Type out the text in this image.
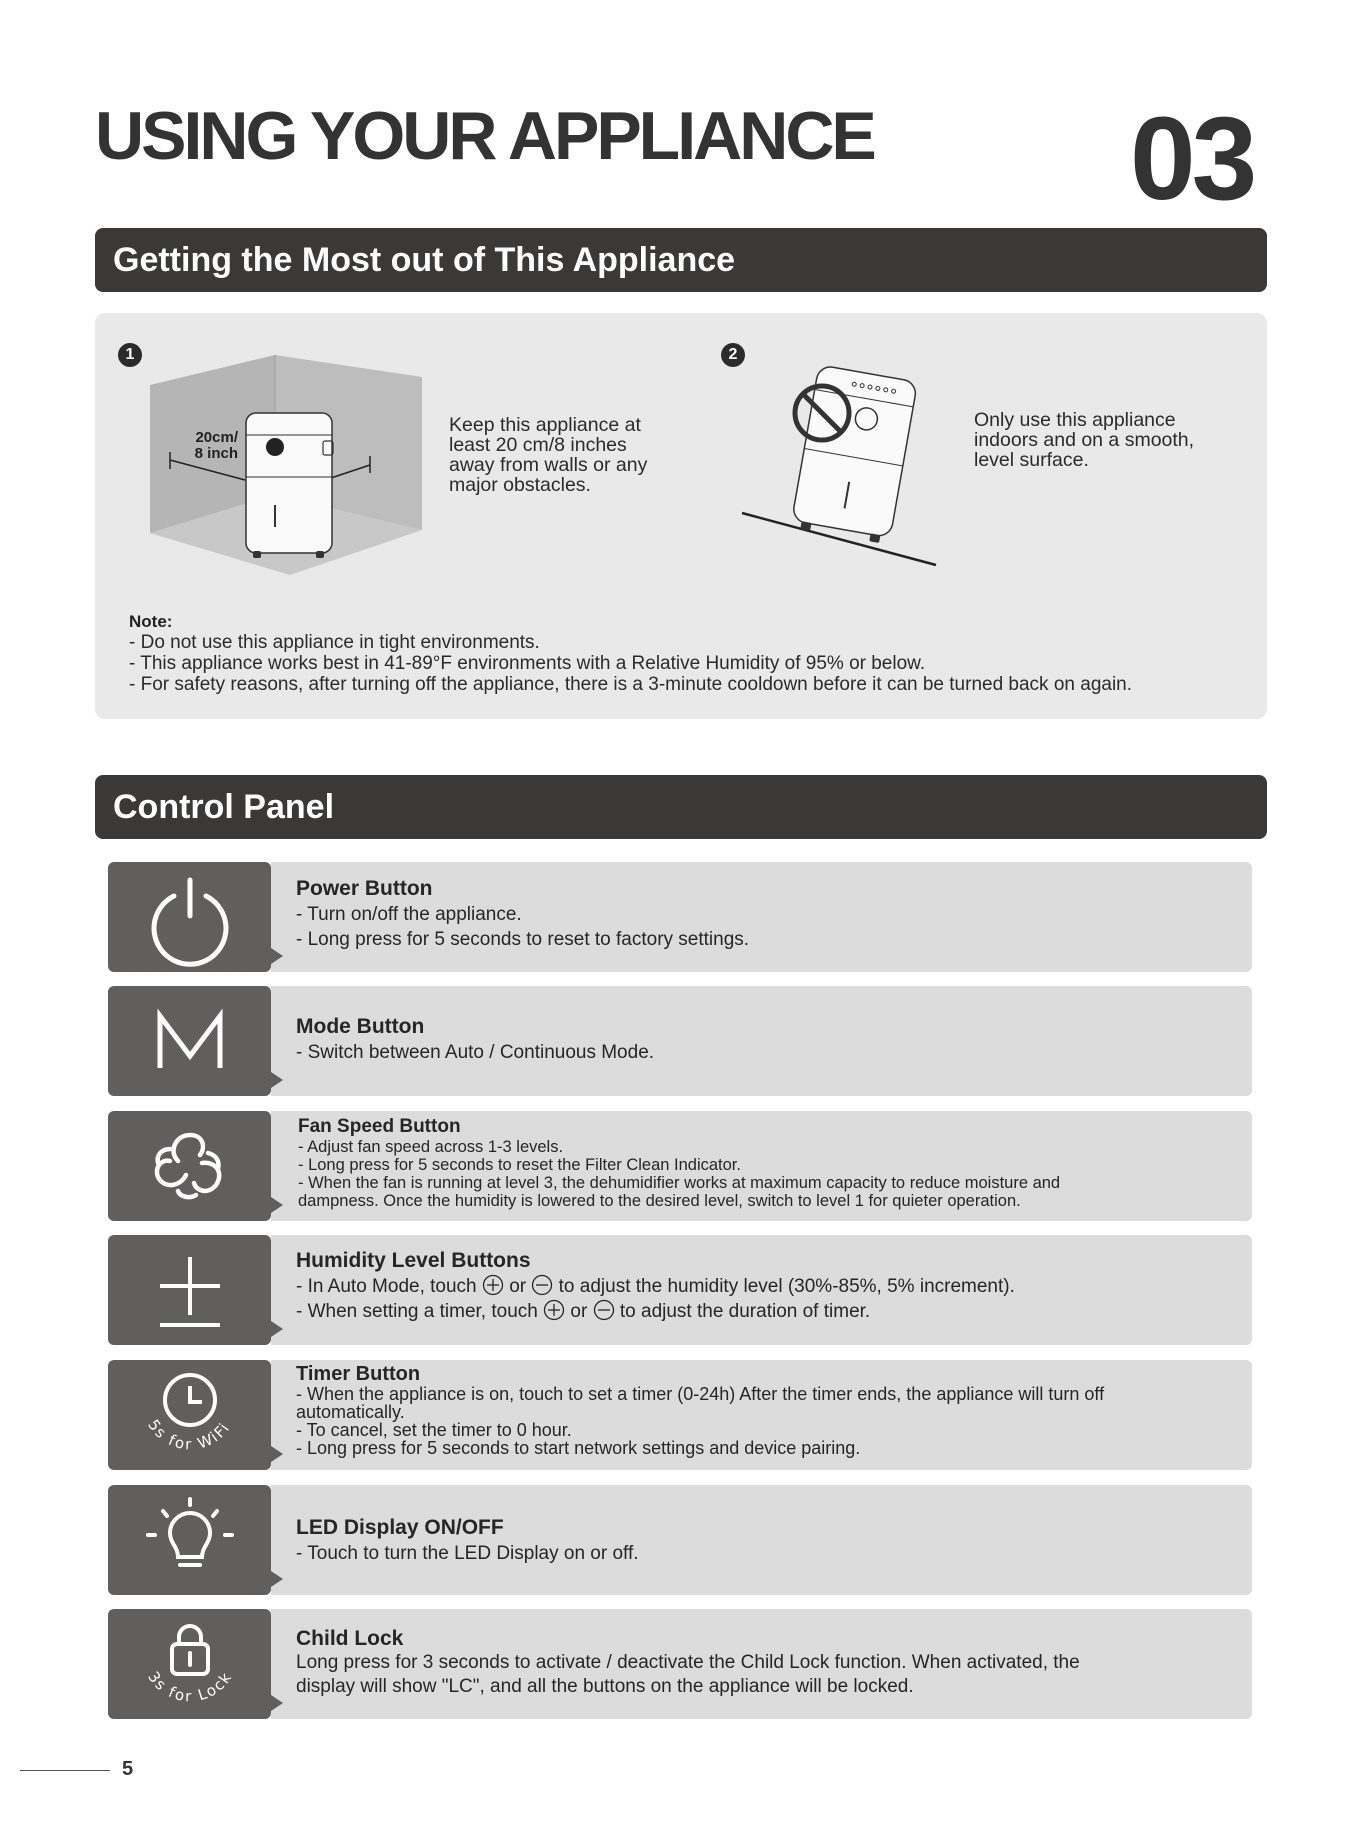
USING YOUR APPLIANCE 03
Getting the Most out of This Appliance
1
20cm/
8 inch
Keep this appliance at
least 20 cm/8 inches
away from walls or any
major obstacles.
2
Only use this appliance
indoors and on a smooth,
level surface.
Note:
- Do not use this appliance in tight environments.
- This appliance works best in 41-89°F environments with a Relative Humidity of 95% or below.
- For safety reasons, after turning off the appliance, there is a 3-minute cooldown before it can be turned back on again.
Control Panel
Power Button
- Turn on/off the appliance.
- Long press for 5 seconds to reset to factory settings.
Mode Button
- Switch between Auto / Continuous Mode.
Fan Speed Button
- Adjust fan speed across 1-3 levels.
- Long press for 5 seconds to reset the Filter Clean Indicator.
- When the fan is running at level 3, the dehumidifier works at maximum capacity to reduce moisture and
dampness. Once the humidity is lowered to the desired level, switch to level 1 for quieter operation.
Humidity Level Buttons
- In Auto Mode, touch or to adjust the humidity level (30%-85%, 5% increment).
- When setting a timer, touch or to adjust the duration of timer.
5s for WiFi
Timer Button
- When the appliance is on, touch to set a timer (0-24h) After the timer ends, the appliance will turn off
automatically.
- To cancel, set the timer to 0 hour.
- Long press for 5 seconds to start network settings and device pairing.
LED Display ON/OFF
- Touch to turn the LED Display on or off.
3s for Lock
Child Lock
Long press for 3 seconds to activate / deactivate the Child Lock function. When activated, the
display will show "LC", and all the buttons on the appliance will be locked.
5
